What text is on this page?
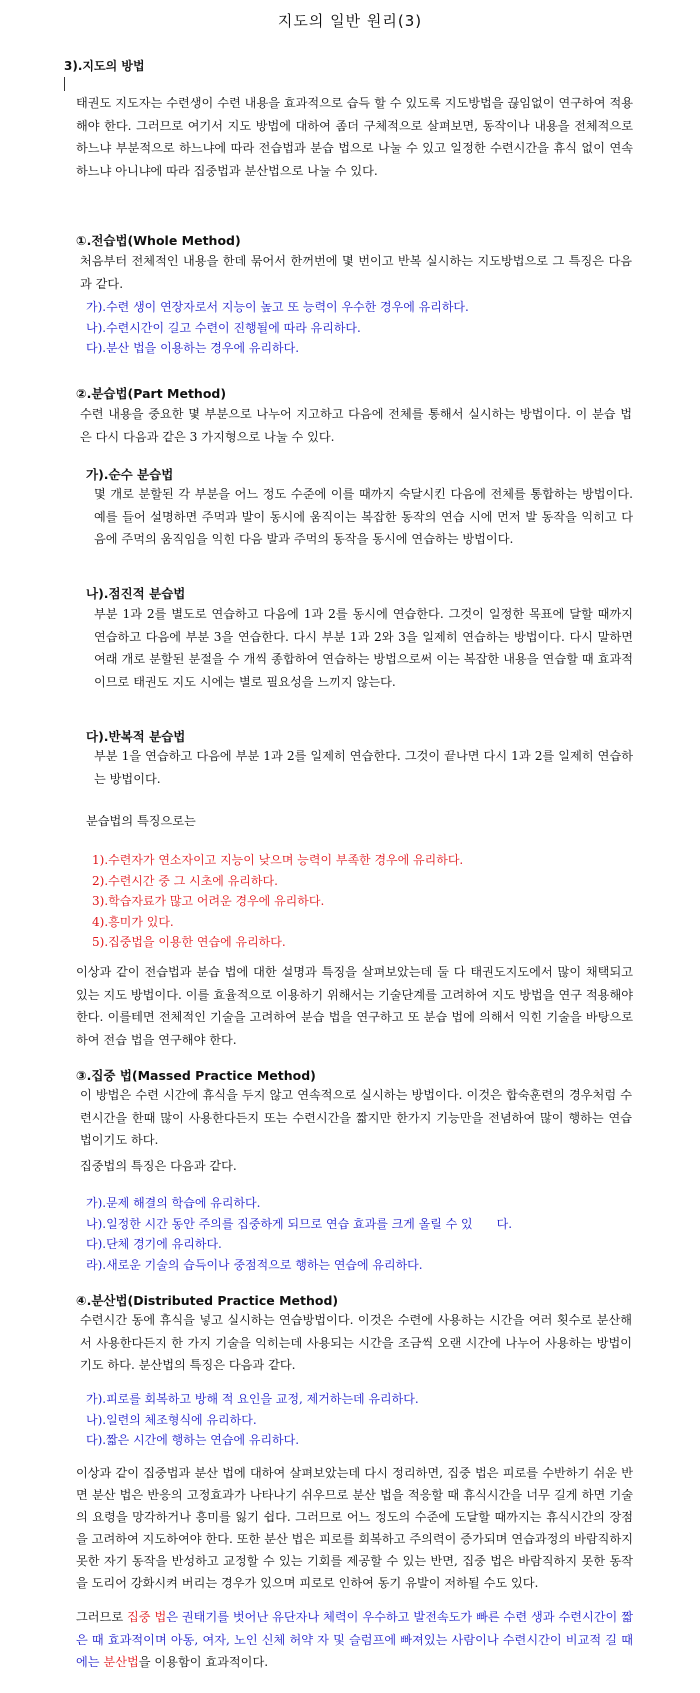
지도의 일반 원리(3)
3).지도의 방법
태권도 지도자는 수련생이 수련 내용을 효과적으로 습득 할 수 있도록 지도방법을 끊임없이 연구하여 적용해야 한다. 그러므로 여기서 지도 방법에 대하여 좀더 구체적으로 살펴보면, 동작이나 내용을 전체적으로 하느냐 부분적으로 하느냐에 따라 전습법과 분습 법으로 나눌 수 있고 일정한 수련시간을 휴식 없이 연속하느냐 아니냐에 따라 집중법과 분산법으로 나눌 수 있다.
①.전습법(Whole Method)
처음부터 전체적인 내용을 한데 묶어서 한꺼번에 몇 번이고 반복 실시하는 지도방법으로 그 특징은 다음과 같다.
가).수련 생이 연장자로서 지능이 높고 또 능력이 우수한 경우에 유리하다.
나).수련시간이 길고 수련이 진행될에 따라 유리하다.
다).분산 법을 이용하는 경우에 유리하다.
②.분습법(Part Method)
수련 내용을 중요한 몇 부분으로 나누어 지고하고 다음에 전체를 통해서 실시하는 방법이다. 이 분습 법은 다시 다음과 같은 3 가지형으로 나눌 수 있다.
가).순수 분습법
몇 개로 분할된 각 부분을 어느 정도 수준에 이를 때까지 숙달시킨 다음에 전체를 통합하는 방법이다. 예를 들어 설명하면 주먹과 발이 동시에 움직이는 복잡한 동작의 연습 시에 먼저 발 동작을 익히고 다음에 주먹의 움직임을 익힌 다음 발과 주먹의 동작을 동시에 연습하는 방법이다.
나).점진적 분습법
부분 1과 2를 별도로 연습하고 다음에 1과 2를 동시에 연습한다. 그것이 일정한 목표에 달할 때까지 연습하고 다음에 부분 3을 연습한다. 다시 부분 1과 2와 3을 일제히 연습하는 방법이다. 다시 말하면 여래 개로 분할된 분절을 수 개씩 종합하여 연습하는 방법으로써 이는 복잡한 내용을 연습할 때 효과적이므로 태권도 지도 시에는 별로 필요성을 느끼지 않는다.
다).반복적 분습법
부분 1을 연습하고 다음에 부분 1과 2를 일제히 연습한다. 그것이 끝나면 다시 1과 2를 일제히 연습하는 방법이다.
분습법의 특징으로는
1).수련자가 연소자이고 지능이 낮으며 능력이 부족한 경우에 유리하다.
2).수련시간 중 그 시초에 유리하다.
3).학습자료가 많고 어려운 경우에 유리하다.
4).흥미가 있다.
5).집중법을 이용한 연습에 유리하다.
이상과 같이 전습법과 분습 법에 대한 설명과 특징을 살펴보았는데 둘 다 태권도지도에서 많이 채택되고 있는 지도 방법이다. 이를 효율적으로 이용하기 위해서는 기술단계를 고려하여 지도 방법을 연구 적용해야 한다. 이를테면 전체적인 기술을 고려하여 분습 법을 연구하고 또 분습 법에 의해서 익힌 기술을 바탕으로 하여 전습 법을 연구해야 한다.
③.집중 법(Massed Practice Method)
이 방법은 수련 시간에 휴식을 두지 않고 연속적으로 실시하는 방법이다. 이것은 합숙훈련의 경우처럼 수련시간을 한때 많이 사용한다든지 또는 수련시간을 짧지만 한가지 기능만을 전념하여 많이 행하는 연습 법이기도 하다.
집중법의 특징은 다음과 같다.
가).문제 해결의 학습에 유리하다.
나).일정한 시간 동안 주의를 집중하게 되므로 연습 효과를 크게 올릴 수 있　　다.
다).단체 경기에 유리하다.
라).새로운 기술의 습득이나 중점적으로 행하는 연습에 유리하다.
④.분산법(Distributed Practice Method)
수련시간 동에 휴식을 넣고 실시하는 연습방법이다. 이것은 수련에 사용하는 시간을 여러 횟수로 분산해서 사용한다든지 한 가지 기술을 익히는데 사용되는 시간을 조금씩 오랜 시간에 나누어 사용하는 방법이기도 하다. 분산법의 특징은 다음과 같다.
가).피로를 회복하고 방해 적 요인을 교정, 제거하는데 유리하다.
나).일련의 체조형식에 유리하다.
다).짧은 시간에 행하는 연습에 유리하다.
이상과 같이 집중법과 분산 법에 대하여 살펴보았는데 다시 정리하면, 집중 법은 피로를 수반하기 쉬운 반면 분산 법은 반응의 고정효과가 나타나기 쉬우므로 분산 법을 적응할 때 휴식시간을 너무 길게 하면 기술의 요령을 망각하거나 흥미를 잃기 쉽다. 그러므로 어느 정도의 수준에 도달할 때까지는 휴식시간의 장점을 고려하여 지도하여야 한다. 또한 분산 법은 피로를 회복하고 주의력이 증가되며 연습과정의 바람직하지 못한 자기 동작을 반성하고 교정할 수 있는 기회를 제공할 수 있는 반면, 집중 법은 바람직하지 못한 동작을 도리어 강화시켜 버리는 경우가 있으며 피로로 인하여 동기 유발이 저하될 수도 있다.
그러므로 집중 법은 권태기를 벗어난 유단자나 체력이 우수하고 발전속도가 빠른 수련 생과 수련시간이 짧은 때 효과적이며 아동, 여자, 노인 신체 허약 자 및 슬럼프에 빠져있는 사람이나 수련시간이 비교적 길 때에는 분산법을 이용함이 효과적이다.
